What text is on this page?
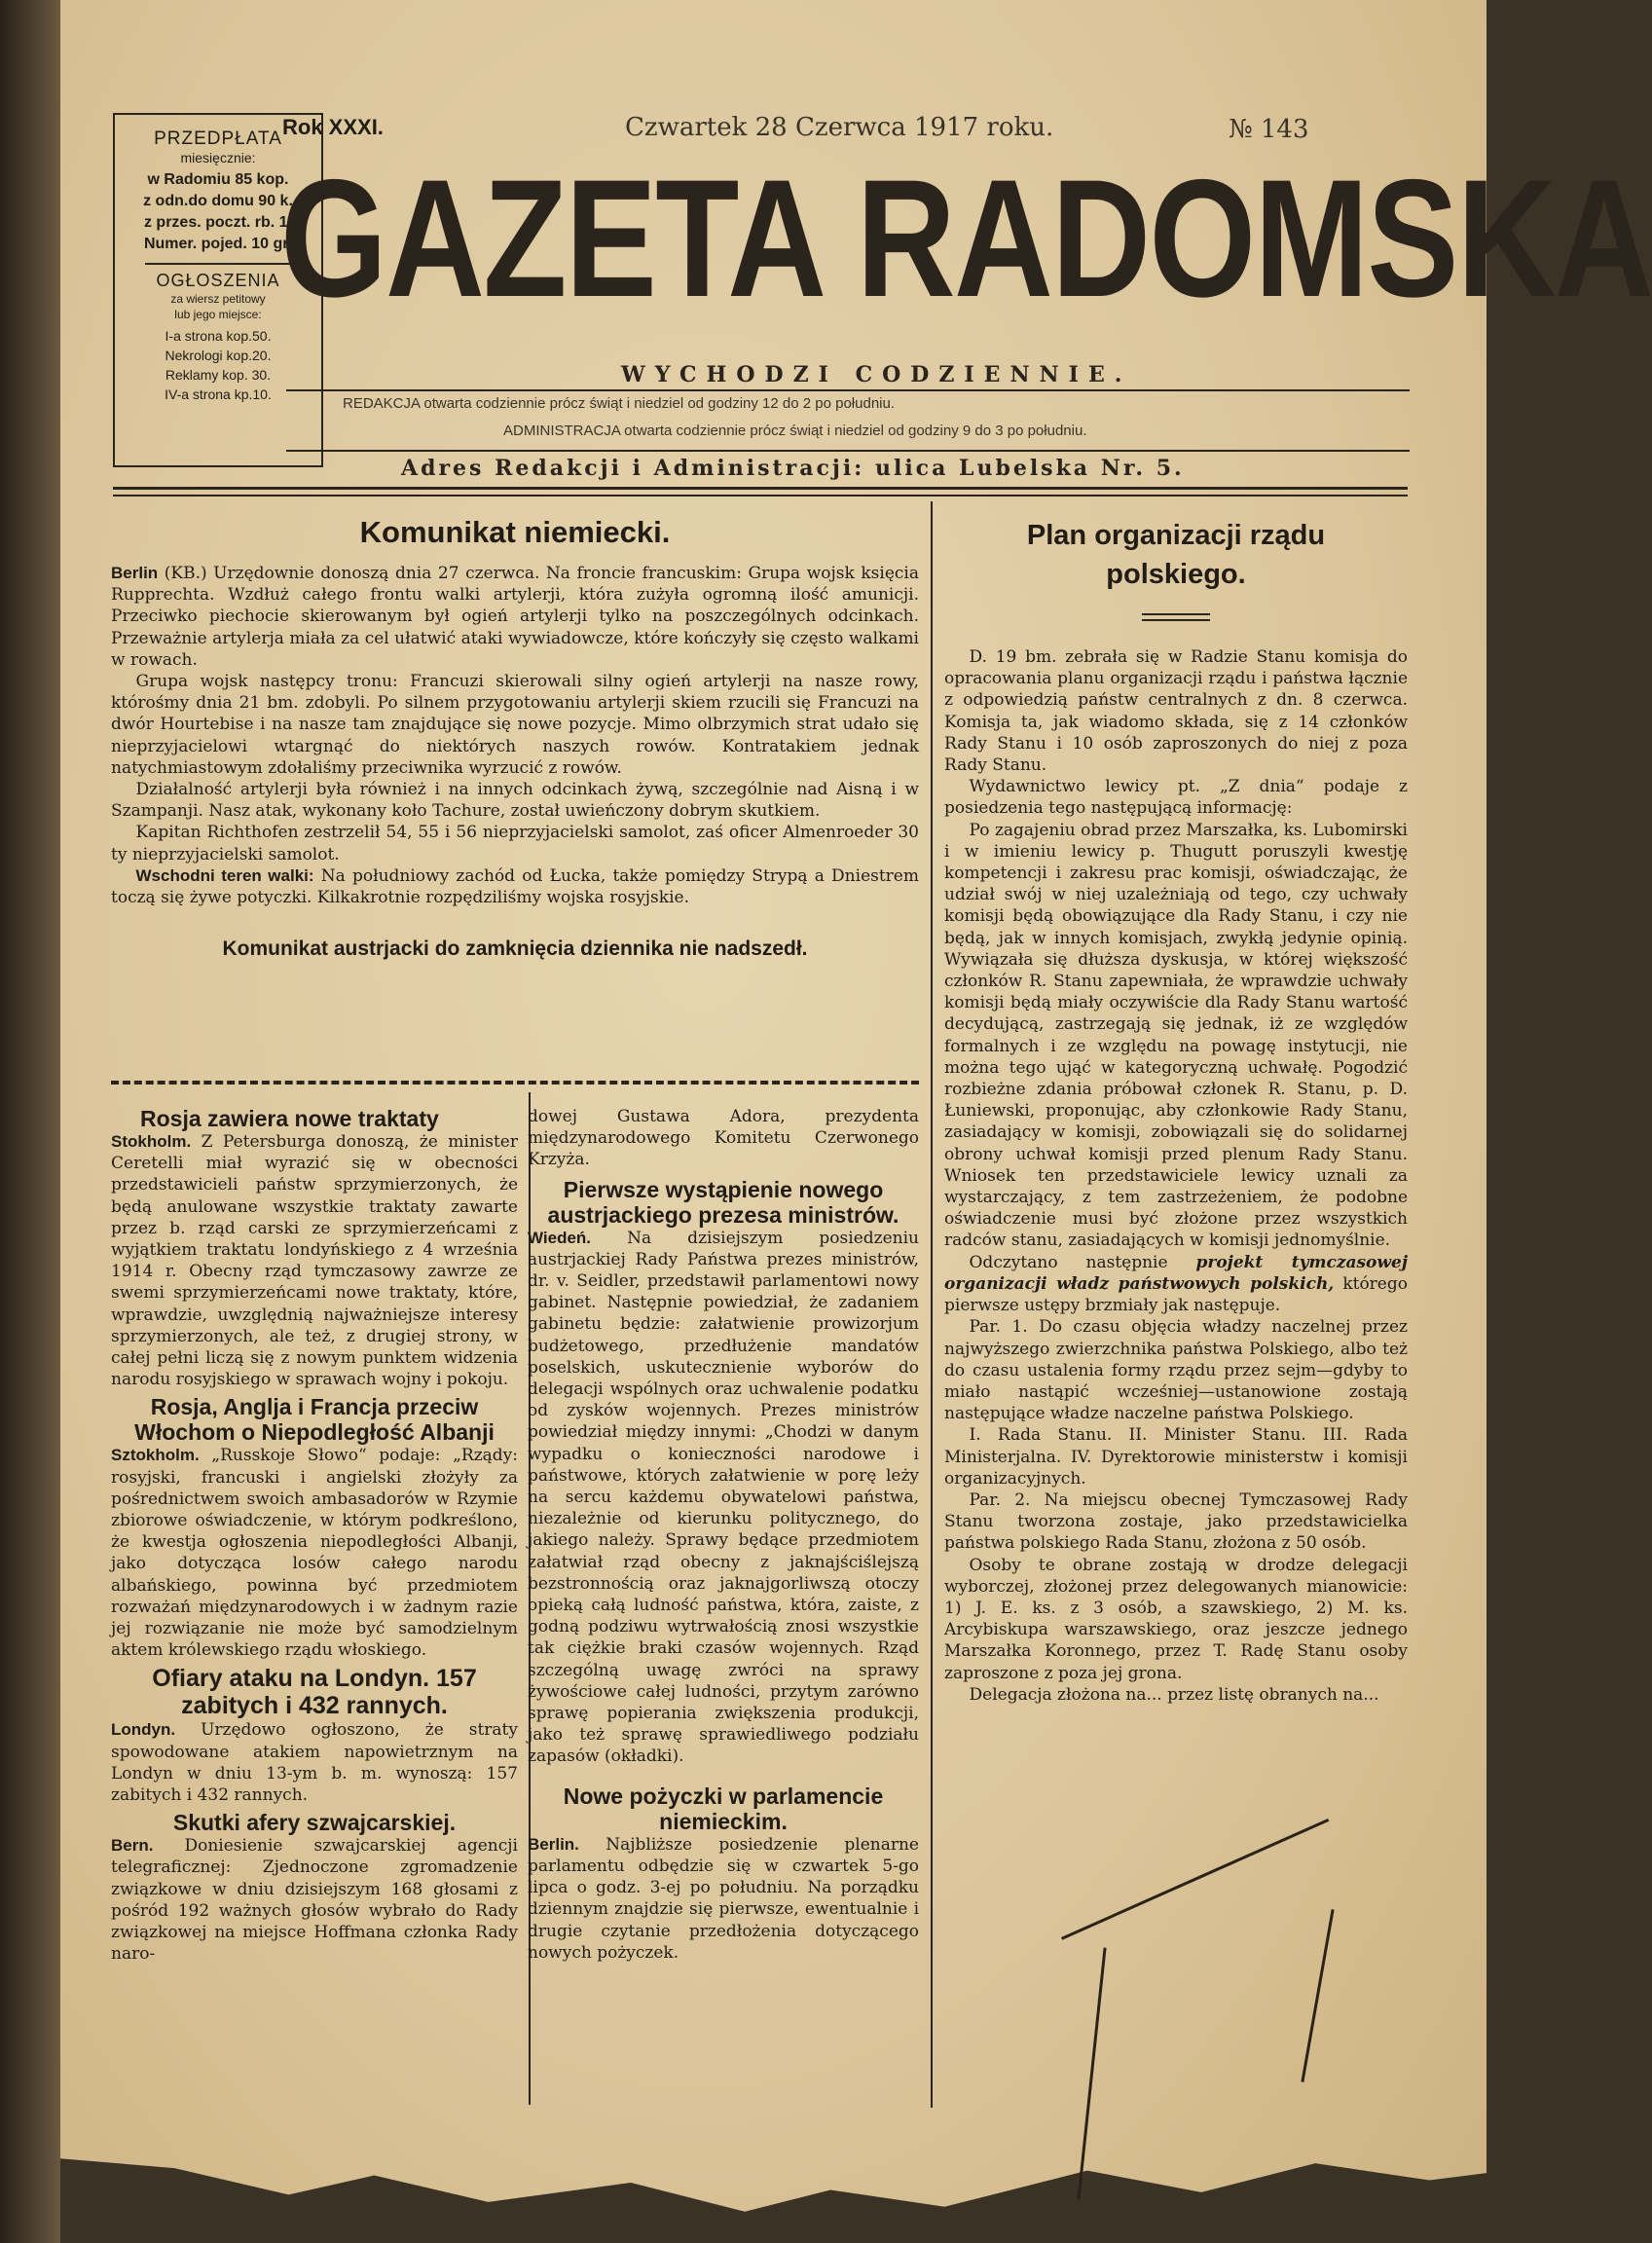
PRZEDPŁATA
miesięcznie:
w Radomiu 85 kop.
z odn.do domu 90 k.
z przes. poczt. rb. 1.
Numer. pojed. 10 gr.
OGŁOSZENIA
za wiersz petitowy
lub jego miejsce:
I-a strona kop.50.
Nekrologi kop.20.
Reklamy kop. 30.
IV-a strona kp.10.
Rok XXXI.	Czwartek 28 Czerwca 1917 roku.	№ 143
GAZETA RADOMSKA
WYCHODZI CODZIENNIE.
REDAKCJA otwarta codziennie prócz świąt i niedziel od godziny 12 do 2 po południu.
ADMINISTRACJA otwarta codziennie prócz świąt i niedziel od godziny 9 do 3 po południu.
Adres Redakcji i Administracji: ulica Lubelska Nr. 5.
Komunikat niemiecki.

Berlin (KB.) Urzędownie donoszą dnia 27 czerwca. Na froncie francuskim: Grupa wojsk księcia Rupprechta. Wzdłuż całego frontu walki artylerji, która zużyła ogromną ilość amunicji. Przeciwko piechocie skierowanym był ogień artylerji tylko na poszczególnych odcinkach. Przeważnie artylerja miała za cel ułatwić ataki wywiadowcze, które kończyły się często walkami w rowach.

Grupa wojsk następcy tronu: Francuzi skierowali silny ogień artylerji na nasze rowy, którośmy dnia 21 bm. zdobyli. Po silnem przygotowaniu artylerji skiem rzucili się Francuzi na dwór Hourtebise i na nasze tam znajdujące się nowe pozycje. Mimo olbrzymich strat udało się nieprzyjacielowi wtargnąć do niektórych naszych rowów. Kontratakiem jednak natychmiastowym zdołaliśmy przeciwnika wyrzucić z rowów.

Działalność artylerji była również i na innych odcinkach żywą, szczególnie nad Aisną i w Szampanji. Nasz atak, wykonany koło Tachure, został uwieńczony dobrym skutkiem.

Kapitan Richthofen zestrzelił 54, 55 i 56 nieprzyjacielski samolot, zaś oficer Almenroeder 30 ty nieprzyjacielski samolot.

Wschodni teren walki: Na południowy zachód od Łucka, także pomiędzy Strypą a Dniestrem toczą się żywe potyczki. Kilkakrotnie rozpędziliśmy wojska rosyjskie.

Komunikat austrjacki do zamknięcia dziennika nie nadszedł.
Plan organizacji rządu polskiego.

D. 19 bm. zebrała się w Radzie Stanu komisja do opracowania planu organizacji rządu i państwa łącznie z odpowiedzią państw centralnych z dn. 8 czerwca. Komisja ta, jak wiadomo składa, się z 14 członków Rady Stanu i 10 osób zaproszonych do niej z poza Rady Stanu.

Wydawnictwo lewicy pt. „Z dnia“ podaje z posiedzenia tego następującą informację:

Po zagajeniu obrad przez Marszałka, ks. Lubomirski i w imieniu lewicy p. Thugutt poruszyli kwestję kompetencji i zakresu prac komisji, oświadczając, że udział swój w niej uzależniają od tego, czy uchwały komisji będą obowiązujące dla Rady Stanu, i czy nie będą, jak w innych komisjach, zwykłą jedynie opinią. Wywiązała się dłuższa dyskusja, w której większość członków R. Stanu zapewniała, że wprawdzie uchwały komisji będą miały oczywiście dla Rady Stanu wartość decydującą, zastrzegają się jednak, iż ze względów formalnych i ze względu na powagę instytucji, nie można tego ująć w kategoryczną uchwałę. Pogodzić rozbieżne zdania próbował członek R. Stanu, p. D. Łuniewski, proponując, aby członkowie Rady Stanu, zasiadający w komisji, zobowiązali się do solidarnej obrony uchwał komisji przed plenum Rady Stanu. Wniosek ten przedstawiciele lewicy uznali za wystarczający, z tem zastrzeżeniem, że podobne oświadczenie musi być złożone przez wszystkich radców stanu, zasiadających w komisji jednomyślnie.

Odczytano następnie projekt tymczasowej organizacji władz państwowych polskich, którego pierwsze ustępy brzmiały jak następuje.

Par. 1. Do czasu objęcia władzy naczelnej przez najwyższego zwierzchnika państwa Polskiego, albo też do czasu ustalenia formy rządu przez sejm—gdyby to miało nastąpić wcześniej—ustanowione zostają następujące władze naczelne państwa Polskiego.

I. Rada Stanu. II. Minister Stanu. III. Rada Ministerjalna. IV. Dyrektorowie ministerstw i komisji organizacyjnych.

Par. 2. Na miejscu obecnej Tymczasowej Rady Stanu tworzona zostaje, jako przedstawicielka państwa polskiego Rada Stanu, złożona z 50 osób.

Osoby te obrane zostają w drodze delegacji wyborczej, złożonej przez delegowanych mianowicie: 1) J. E. ks. z 3 osób, a szawskiego, 2) M. ks. Arcybiskupa warszawskiego, oraz jeszcze jednego Marszałka Koronnego, przez T. Radę Stanu osoby zaproszone z poza jej grona.

Delegacja złożona na... przez listę obranych na...

Rosja zawiera nowe traktaty

Stokholm. Z Petersburga donoszą, że minister Ceretelli miał wyrazić się w obecności przedstawicieli państw sprzymierzonych, że będą anulowane wszystkie traktaty zawarte przez b. rząd carski ze sprzymierzeńcami z wyjątkiem traktatu londyńskiego z 4 września 1914 r. Obecny rząd tymczasowy zawrze ze swemi sprzymierzeńcami nowe traktaty, które, wprawdzie, uwzględnią najważniejsze interesy sprzymierzonych, ale też, z drugiej strony, w całej pełni liczą się z nowym punktem widzenia narodu rosyjskiego w sprawach wojny i pokoju.

Rosja, Anglja i Francja przeciw Włochom o Niepodległość Albanji

Sztokholm. „Russkoje Słowo“ podaje: „Rządy: rosyjski, francuski i angielski złożyły za pośrednictwem swoich ambasadorów w Rzymie zbiorowe oświadczenie, w którym podkreślono, że kwestja ogłoszenia niepodległości Albanji, jako dotycząca losów całego narodu albańskiego, powinna być przedmiotem rozważań międzynarodowych i w żadnym razie jej rozwiązanie nie może być samodzielnym aktem królewskiego rządu włoskiego.

Ofiary ataku na Londyn. 157 zabitych i 432 rannych.

Londyn. Urzędowo ogłoszono, że straty spowodowane atakiem napowietrznym na Londyn w dniu 13-ym b. m. wynoszą: 157 zabitych i 432 rannych.

Skutki afery szwajcarskiej.

Bern. Doniesienie szwajcarskiej agencji telegraficznej: Zjednoczone zgromadzenie związkowe w dniu dzisiejszym 168 głosami z pośród 192 ważnych głosów wybrało do Rady związkowej na miejsce Hoffmana członka Rady naro-

dowej Gustawa Adora, prezydenta międzynarodowego Komitetu Czerwonego Krzyża.

Pierwsze wystąpienie nowego austrjackiego prezesa ministrów.

Wiedeń. Na dzisiejszym posiedzeniu austrjackiej Rady Państwa prezes ministrów, dr. v. Seidler, przedstawił parlamentowi nowy gabinet. Następnie powiedział, że zadaniem gabinetu będzie: załatwienie prowizorjum budżetowego, przedłużenie mandatów poselskich, uskutecznienie wyborów do delegacji wspólnych oraz uchwalenie podatku od zysków wojennych. Prezes ministrów powiedział między innymi: „Chodzi w danym wypadku o konieczności narodowe i państwowe, których załatwienie w porę leży na sercu każdemu obywatelowi państwa, niezależnie od kierunku politycznego, do jakiego należy. Sprawy będące przedmiotem załatwiał rząd obecny z jaknajściślejszą bezstronnością oraz jaknajgorliwszą otoczy opieką całą ludność państwa, która, zaiste, z godną podziwu wytrwałością znosi wszystkie tak ciężkie braki czasów wojennych. Rząd szczególną uwagę zwróci na sprawy żywościowe całej ludności, przytym zarówno sprawę popierania zwiększenia produkcji, jako też sprawę sprawiedliwego podziału zapasów (okładki).

Nowe pożyczki w parlamencie niemieckim.

Berlin. Najbliższe posiedzenie plenarne parlamentu odbędzie się w czwartek 5-go lipca o godz. 3-ej po południu. Na porządku dziennym znajdzie się pierwsze, ewentualnie i drugie czytanie przedłożenia dotyczącego nowych pożyczek.
